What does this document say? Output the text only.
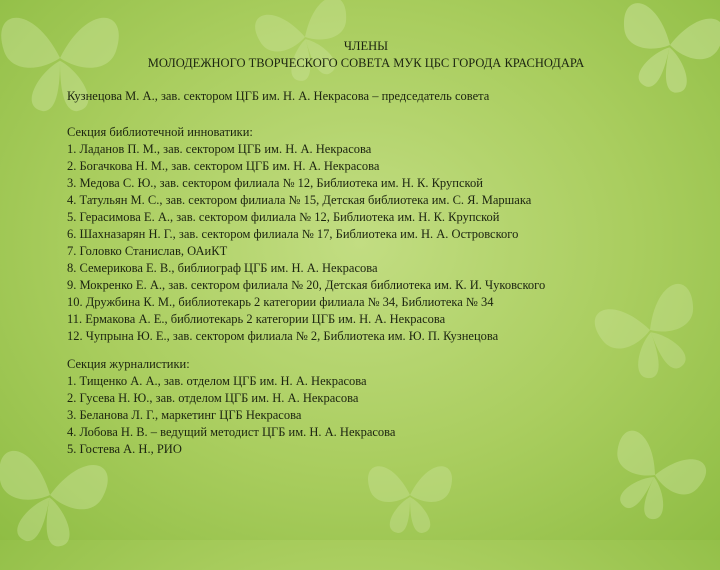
ЧЛЕНЫ
МОЛОДЕЖНОГО ТВОРЧЕСКОГО СОВЕТА МУК ЦБС ГОРОДА КРАСНОДАРА
Кузнецова М. А., зав. сектором ЦГБ им. Н. А. Некрасова – председатель совета
Секция библиотечной инноватики:
1. Ладанов П. М., зав. сектором ЦГБ им. Н. А. Некрасова
2. Богачкова Н. М., зав. сектором ЦГБ им. Н. А. Некрасова
3. Медова С. Ю., зав. сектором филиала № 12, Библиотека им. Н. К. Крупской
4. Татульян М. С., зав. сектором филиала № 15, Детская библиотека им. С. Я. Маршака
5. Герасимова Е. А., зав. сектором филиала № 12, Библиотека им. Н. К. Крупской
6. Шахназарян Н. Г., зав. сектором филиала № 17, Библиотека им. Н. А. Островского
7. Головко Станислав, ОАиКТ
8. Семерикова Е. В., библиограф ЦГБ им. Н. А. Некрасова
9. Мокренко Е. А., зав. сектором филиала № 20, Детская библиотека им. К. И. Чуковского
10. Дружбина К. М., библиотекарь 2 категории филиала № 34, Библиотека № 34
11. Ермакова А. Е., библиотекарь 2 категории ЦГБ им. Н. А. Некрасова
12. Чупрына Ю. Е., зав. сектором филиала № 2, Библиотека им. Ю. П. Кузнецова
Секция журналистики:
1. Тищенко А. А., зав. отделом ЦГБ им. Н. А. Некрасова
2. Гусева Н. Ю., зав. отделом ЦГБ им. Н. А. Некрасова
3. Беланова Л. Г., маркетинг ЦГБ Некрасова
4. Лобова Н. В. – ведущий методист ЦГБ им. Н. А. Некрасова
5. Гостева А. Н., РИО
